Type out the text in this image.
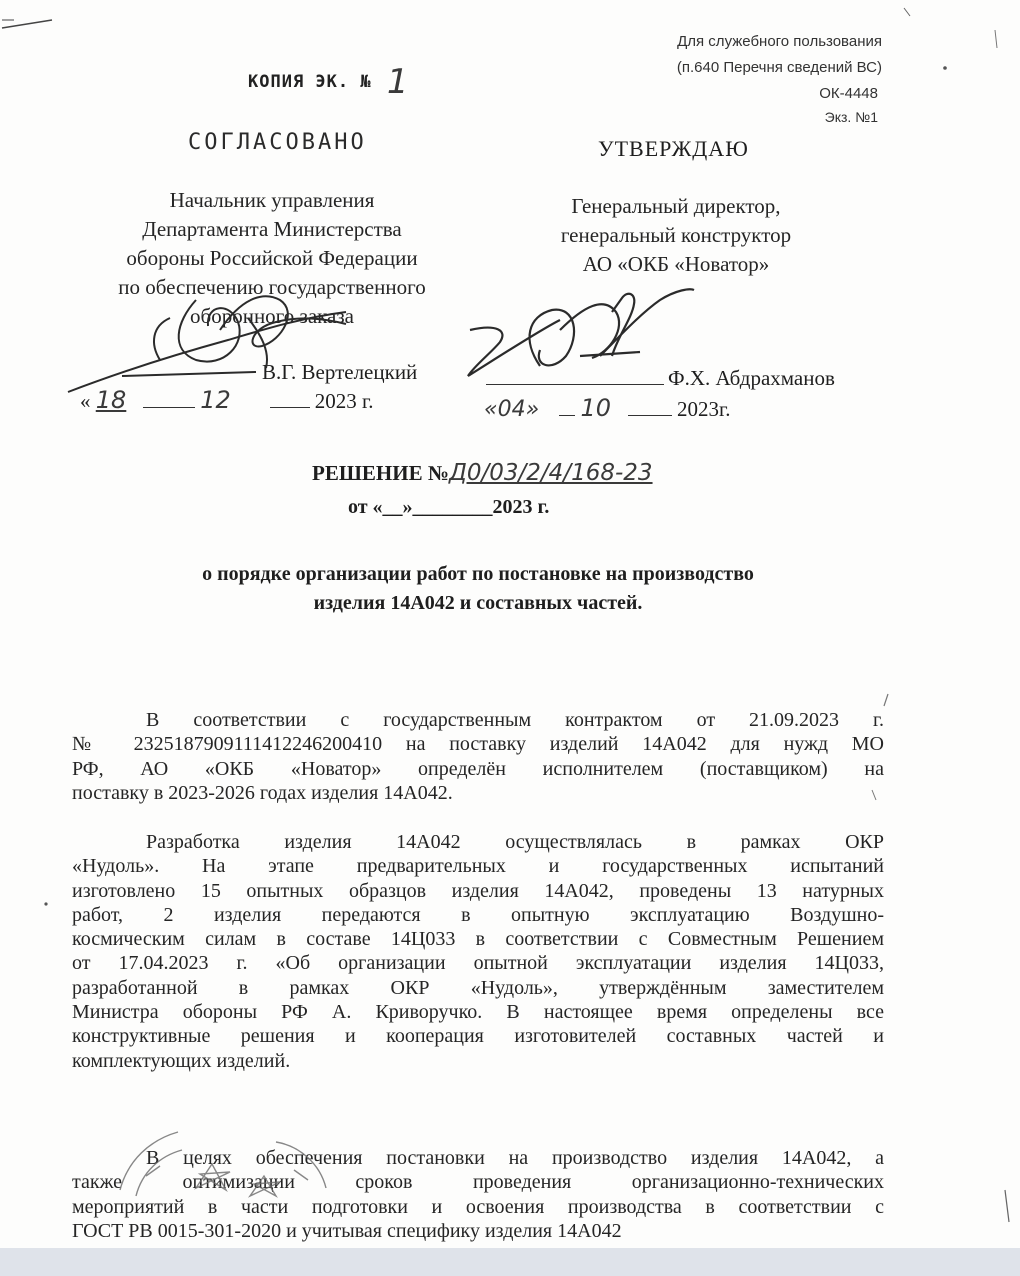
Для служебного пользования
(п.640 Перечня сведений ВС)
ОК-4448
Экз. №1
КОПИЯ ЭК. № 1
СОГЛАСОВАНО
Начальник управления
Департамента Министерства
обороны Российской Федерации
по обеспечению государственного
оборонного заказа
В.Г. Вертелецкий
« 18	12	2023 г.
УТВЕРЖДАЮ
Генеральный директор,
генеральный конструктор
АО «ОКБ «Новатор»
Ф.Х. Абдрахманов
«04» 10	2023г.
РЕШЕНИЕ №Д0/03/2/4/168-23
от «__»________2023 г.
о порядке организации работ по постановке на производство
изделия 14А042 и составных частей.

В соответствии с государственным контрактом от 21.09.2023 г.

№ 2325187909111412246200410 на поставку изделий 14А042 для нужд МО

РФ, АО «ОКБ «Новатор» определён исполнителем (поставщиком) на

поставку в 2023-2026 годах изделия 14А042.

Разработка изделия 14А042 осуществлялась в рамках ОКР

«Нудоль». На этапе предварительных и государственных испытаний

изготовлено 15 опытных образцов изделия 14А042, проведены 13 натурных

работ, 2 изделия передаются в опытную эксплуатацию Воздушно-

космическим силам в составе 14Ц033 в соответствии с Совместным Решением

от 17.04.2023 г. «Об организации опытной эксплуатации изделия 14Ц033,

разработанной в рамках ОКР «Нудоль», утверждённым заместителем

Министра обороны РФ А. Криворучко. В настоящее время определены все

конструктивные решения и кооперация изготовителей составных частей и

комплектующих изделий.

В целях обеспечения постановки на производство изделия 14А042, а

также оптимизации сроков проведения организационно-технических

мероприятий в части подготовки и освоения производства в соответствии с

ГОСТ РВ 0015-301-2020 и учитывая специфику изделия 14А042
